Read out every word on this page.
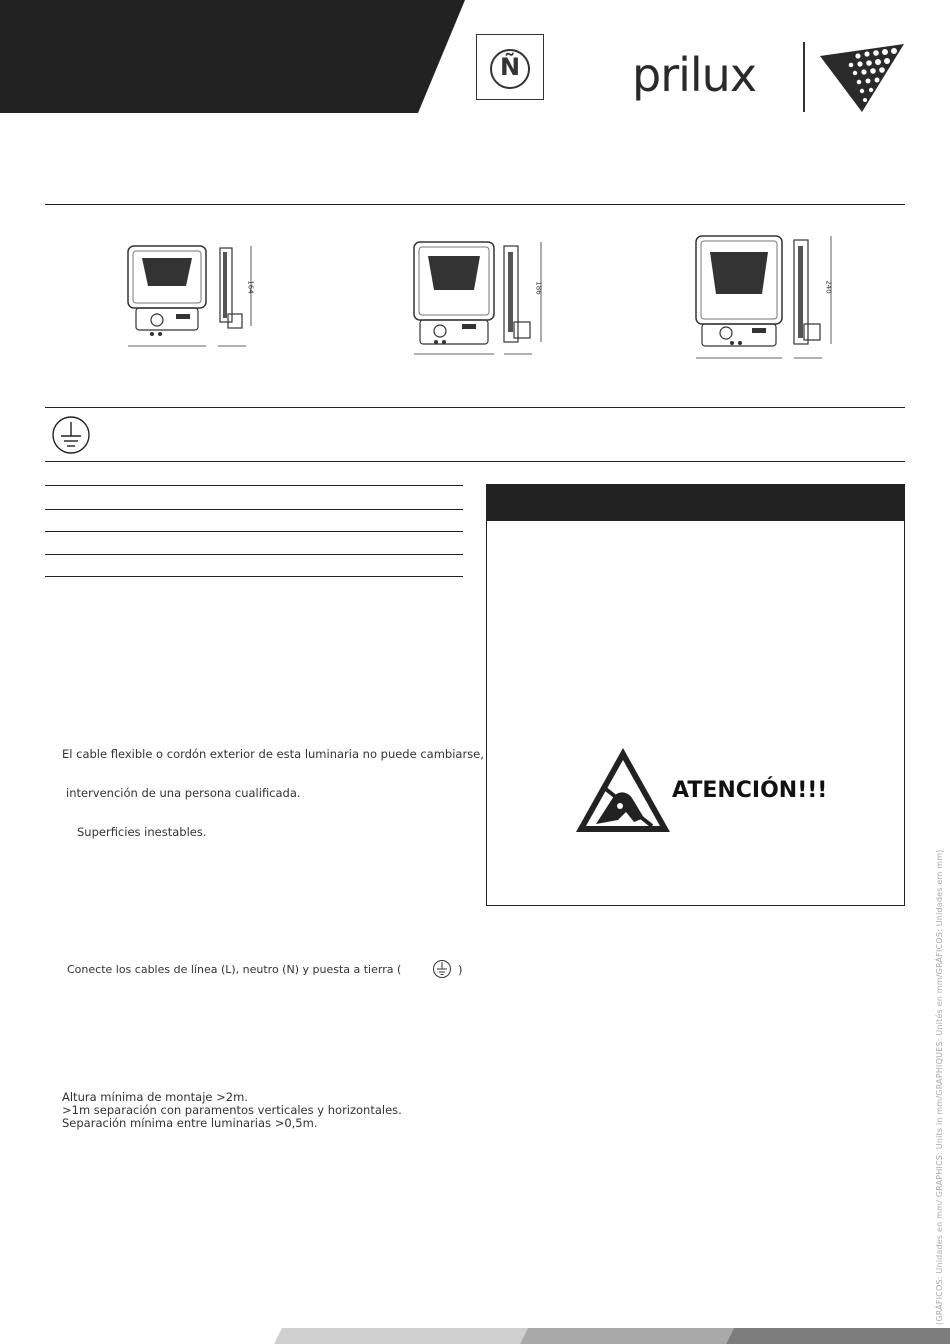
Ñ	prilux
164	186	240
ATENCIÓN!!!
El cable flexible o cordón exterior de esta luminaria no puede cambiarse,
intervención de una persona cualificada.
Superficies inestables.
Conecte los cables de línea (L), neutro (N) y puesta a tierra (	)
Altura mínima de montaje >2m.
>1m separación con paramentos verticales y horizontales.
Separación mínima entre luminarias >0,5m.	(GRÁFICOS: Unidades en mm/ GRAPHICS: Units in mm/GRAPHIQUES: Unités en mm/GRÁFICOS: Unidades em mm)
